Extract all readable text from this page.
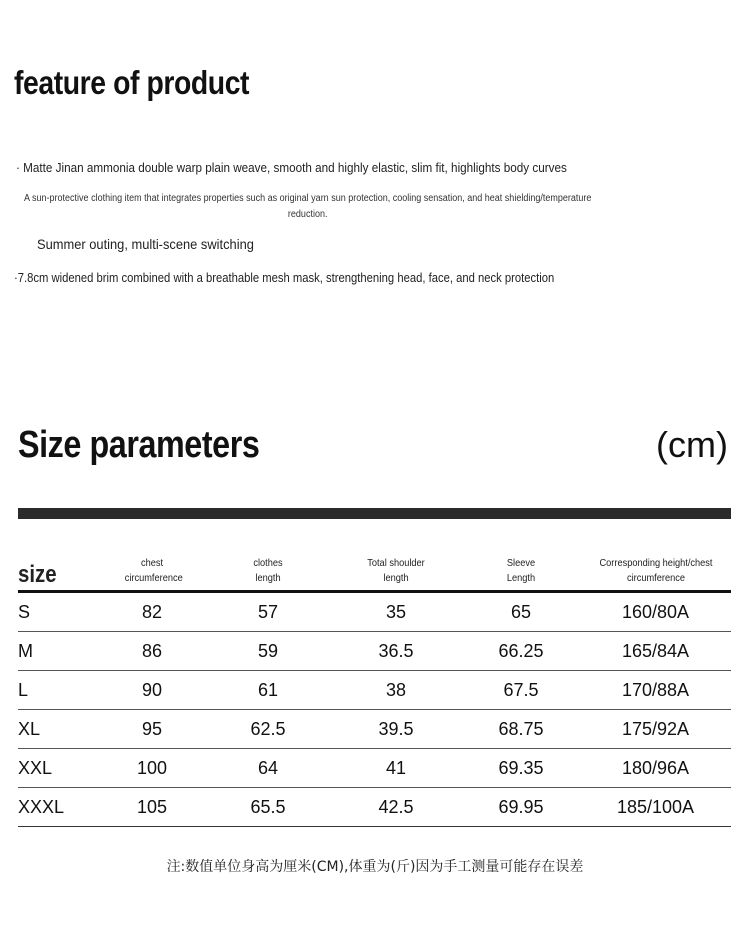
feature of product

· Matte Jinan ammonia double warp plain weave, smooth and highly elastic, slim fit, highlights body curves

A sun-protective clothing item that integrates properties such as original yarn sun protection, cooling sensation, and heat shielding/temperature reduction.

Summer outing, multi-scene switching

·7.8cm widened brim combined with a breathable mesh mask, strengthening head, face, and neck protection

Size parameters	(cm)

size	chest circumference	clothes length	Total shoulder length	Sleeve Length	Corresponding height/chest circumference
S	82	57	35	65	160/80A
M	86	59	36.5	66.25	165/84A
L	90	61	38	67.5	170/88A
XL	95	62.5	39.5	68.75	175/92A
XXL	100	64	41	69.35	180/96A
XXXL	105	65.5	42.5	69.95	185/100A

注:数值单位身高为厘米(CM),体重为(斤)因为手工测量可能存在误差
